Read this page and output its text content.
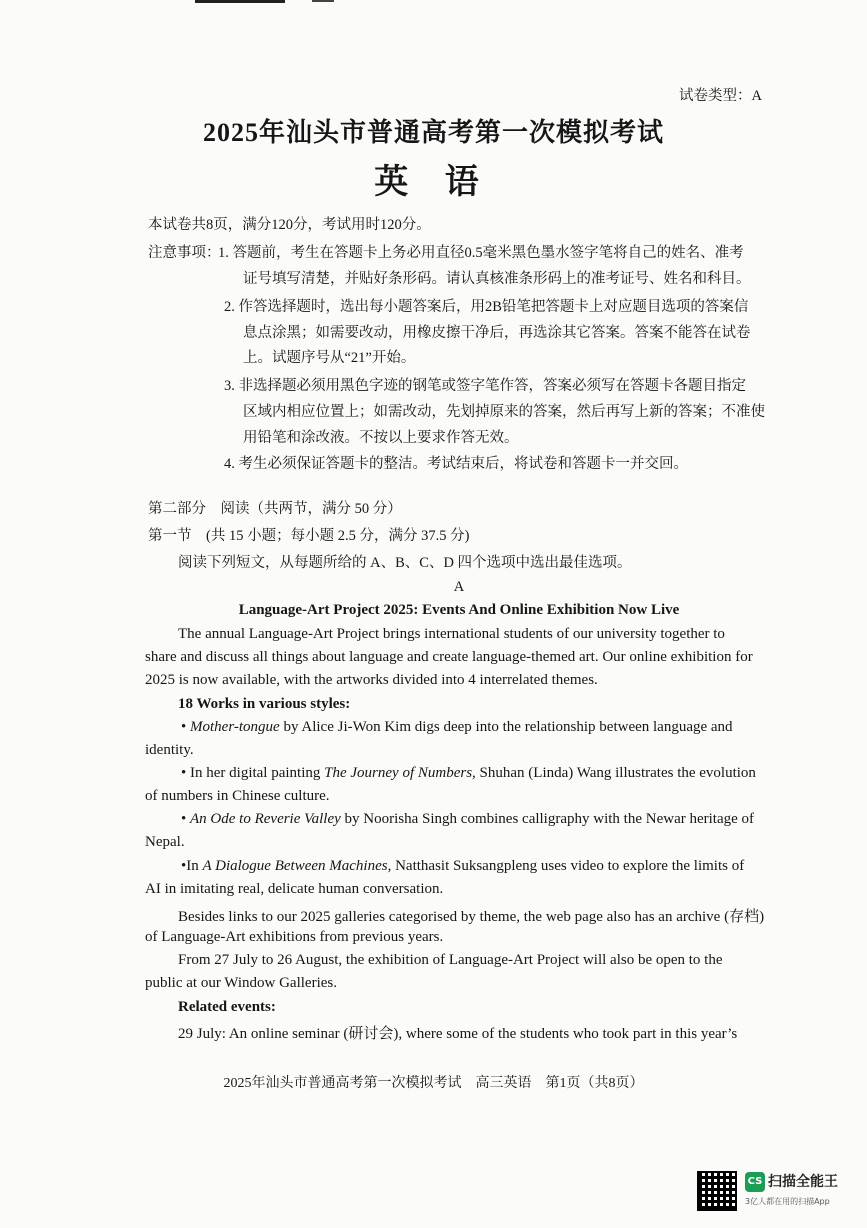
试卷类型：A
2025年汕头市普通高考第一次模拟考试
英 语
本试卷共8页，满分120分，考试用时120分。
注意事项：
1. 答题前，考生在答题卡上务必用直径0.5毫米黑色墨水签字笔将自己的姓名、准考
证号填写清楚，并贴好条形码。请认真核准条形码上的准考证号、姓名和科目。
2. 作答选择题时，选出每小题答案后，用2B铅笔把答题卡上对应题目选项的答案信
息点涂黑；如需要改动，用橡皮擦干净后，再选涂其它答案。答案不能答在试卷
上。试题序号从“21”开始。
3. 非选择题必须用黑色字迹的钢笔或签字笔作答，答案必须写在答题卡各题目指定
区域内相应位置上；如需改动，先划掉原来的答案，然后再写上新的答案；不准使
用铅笔和涂改液。不按以上要求作答无效。
4. 考生必须保证答题卡的整洁。考试结束后，将试卷和答题卡一并交回。
第二部分　阅读（共两节，满分 50 分）
第一节　(共 15 小题；每小题 2.5 分，满分 37.5 分)
阅读下列短文，从每题所给的 A、B、C、D 四个选项中选出最佳选项。
A
Language-Art Project 2025: Events And Online Exhibition Now Live
The annual Language-Art Project brings international students of our university together to
share and discuss all things about language and create language-themed art. Our online exhibition for
2025 is now available, with the artworks divided into 4 interrelated themes.
18 Works in various styles:
• Mother-tongue by Alice Ji-Won Kim digs deep into the relationship between language and
identity.
• In her digital painting The Journey of Numbers, Shuhan (Linda) Wang illustrates the evolution
of numbers in Chinese culture.
• An Ode to Reverie Valley by Noorisha Singh combines calligraphy with the Newar heritage of
Nepal.
•In A Dialogue Between Machines, Natthasit Suksangpleng uses video to explore the limits of
AI in imitating real, delicate human conversation.
Besides links to our 2025 galleries categorised by theme, the web page also has an archive (存档)
of Language-Art exhibitions from previous years.
From 27 July to 26 August, the exhibition of Language-Art Project will also be open to the
public at our Window Galleries.
Related events:
29 July: An online seminar (研讨会), where some of the students who took part in this year’s
2025年汕头市普通高考第一次模拟考试　高三英语　第1页（共8页）
CS 扫描全能王
3亿人都在用的扫描App
